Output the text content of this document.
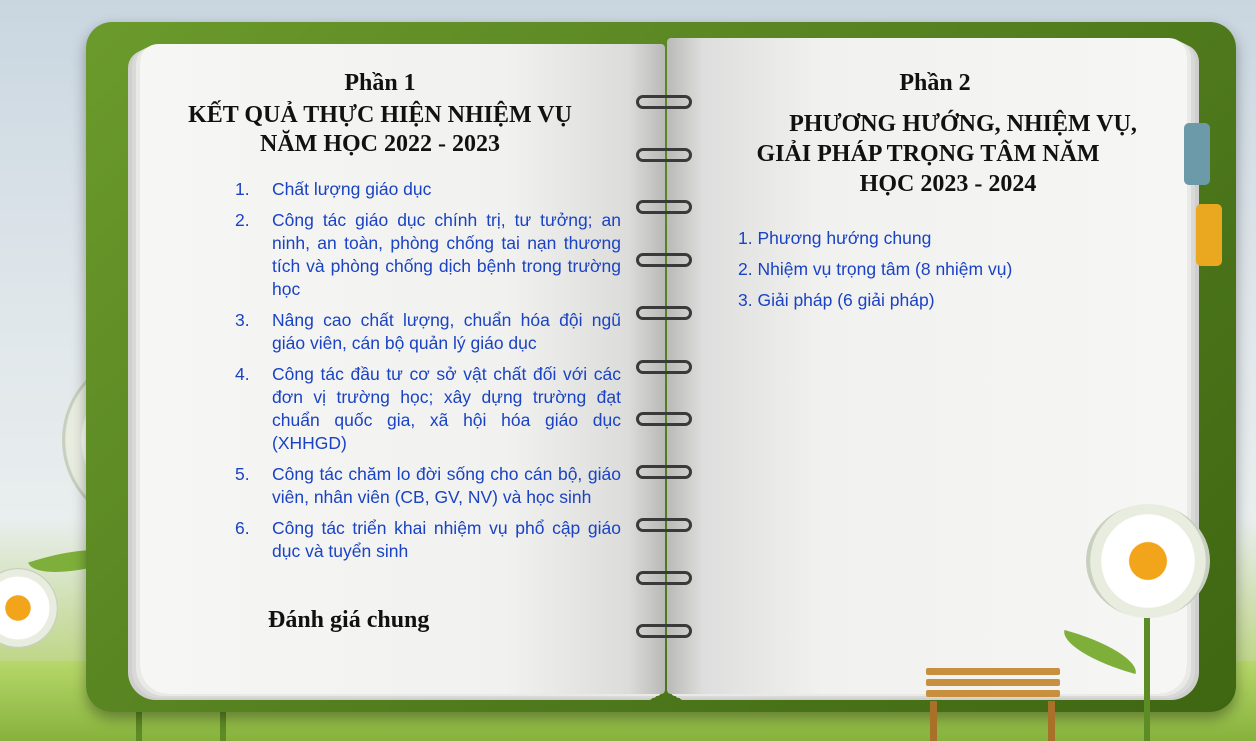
Phần 1
KẾT QUẢ THỰC HIỆN NHIỆM VỤ
NĂM HỌC 2022 - 2023
1.	Chất lượng giáo dục
2.	Công tác giáo dục chính trị, tư tưởng; an ninh, an toàn, phòng chống tai nạn thương tích và phòng chống dịch bệnh trong trường học
3.	Nâng cao chất lượng, chuẩn hóa đội ngũ giáo viên, cán bộ quản lý giáo dục
4.	Công tác đầu tư cơ sở vật chất đối với các đơn vị trường học; xây dựng trường đạt chuẩn quốc gia, xã hội hóa giáo dục (XHHGD)
5.	Công tác chăm lo đời sống cho cán bộ, giáo viên, nhân viên (CB, GV, NV) và học sinh
6.	Công tác triển khai nhiệm vụ phổ cập giáo dục và tuyển sinh
Đánh giá chung
Phần 2
PHƯƠNG HƯỚNG, NHIỆM VỤ,
GIẢI PHÁP TRỌNG TÂM NĂM
HỌC 2023 - 2024
1. Phương hướng chung
2. Nhiệm vụ trọng tâm (8 nhiệm vụ)
3. Giải pháp (6 giải pháp)
